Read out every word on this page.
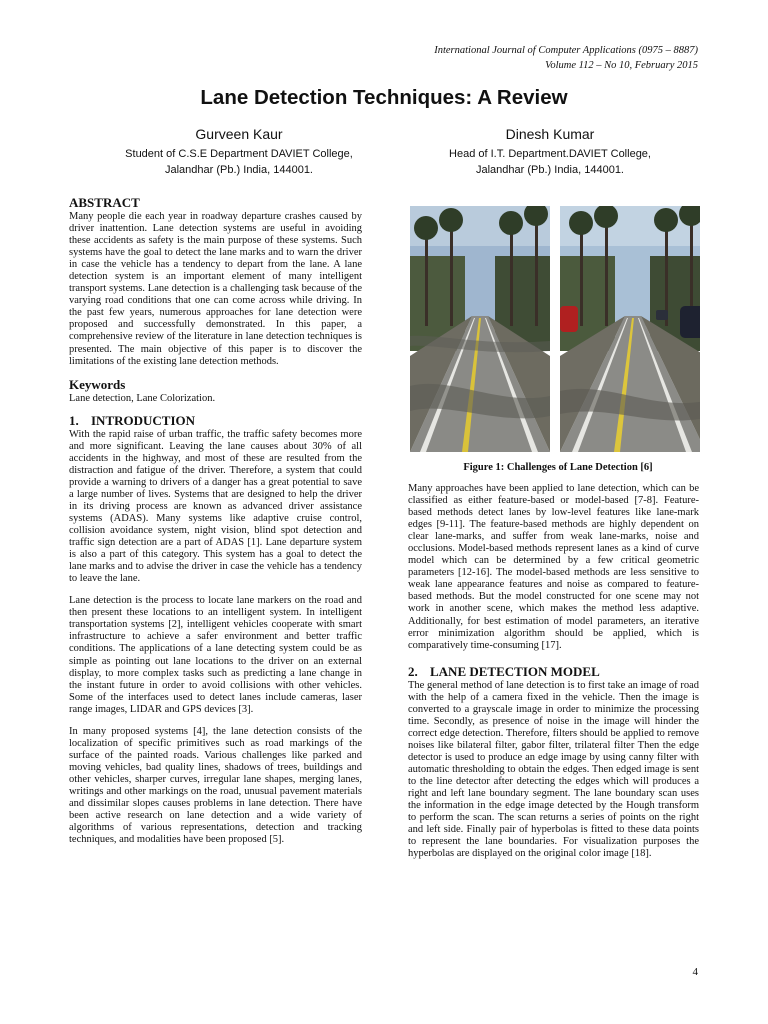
International Journal of Computer Applications (0975 – 8887)
Volume 112 – No 10, February 2015
Lane Detection Techniques: A Review
Gurveen Kaur
Student of C.S.E Department DAVIET College,
Jalandhar (Pb.) India, 144001.
Dinesh Kumar
Head of I.T. Department.DAVIET College,
Jalandhar (Pb.) India, 144001.
ABSTRACT

Many people die each year in roadway departure crashes caused by driver inattention. Lane detection systems are useful in avoiding these accidents as safety is the main purpose of these systems. Such systems have the goal to detect the lane marks and to warn the driver in case the vehicle has a tendency to depart from the lane. A lane detection system is an important element of many intelligent transport systems. Lane detection is a challenging task because of the varying road conditions that one can come across while driving. In the past few years, numerous approaches for lane detection were proposed and successfully demonstrated. In this paper, a comprehensive review of the literature in lane detection techniques is presented. The main objective of this paper is to discover the limitations of the existing lane detection methods.

Keywords

Lane detection, Lane Colorization.

1. INTRODUCTION

With the rapid raise of urban traffic, the traffic safety becomes more and more significant. Leaving the lane causes about 30% of all accidents in the highway, and most of these are resulted from the distraction and fatigue of the driver. Therefore, a system that could provide a warning to drivers of a danger has a great potential to save a large number of lives. Systems that are designed to help the driver in its driving process are known as advanced driver assistance systems (ADAS). Many systems like adaptive cruise control, collision avoidance system, night vision, blind spot detection and traffic sign detection are a part of ADAS [1]. Lane departure system is also a part of this category. This system has a goal to detect the lane marks and to advise the driver in case the vehicle has a tendency to leave the lane.

Lane detection is the process to locate lane markers on the road and then present these locations to an intelligent system. In intelligent transportation systems [2], intelligent vehicles cooperate with smart infrastructure to achieve a safer environment and better traffic conditions. The applications of a lane detecting system could be as simple as pointing out lane locations to the driver on an external display, to more complex tasks such as predicting a lane change in the instant future in order to avoid collisions with other vehicles. Some of the interfaces used to detect lanes include cameras, laser range images, LIDAR and GPS devices [3].

In many proposed systems [4], the lane detection consists of the localization of specific primitives such as road markings of the surface of the painted roads. Various challenges like parked and moving vehicles, bad quality lines, shadows of trees, buildings and other vehicles, sharper curves, irregular lane shapes, merging lanes, writings and other markings on the road, unusual pavement materials and dissimilar slopes causes problems in lane detection. There have been active research on lane detection and a wide variety of algorithms of various representations, detection and tracking techniques, and modalities have been proposed [5].

Figure 1: Challenges of Lane Detection [6]

Many approaches have been applied to lane detection, which can be classified as either feature-based or model-based [7-8]. Feature-based methods detect lanes by low-level features like lane-mark edges [9-11]. The feature-based methods are highly dependent on clear lane-marks, and suffer from weak lane-marks, noise and occlusions. Model-based methods represent lanes as a kind of curve model which can be determined by a few critical geometric parameters [12-16]. The model-based methods are less sensitive to weak lane appearance features and noise as compared to feature-based methods. But the model constructed for one scene may not work in another scene, which makes the method less adaptive. Additionally, for best estimation of model parameters, an iterative error minimization algorithm should be applied, which is comparatively time-consuming [17].

2. LANE DETECTION MODEL

The general method of lane detection is to first take an image of road with the help of a camera fixed in the vehicle. Then the image is converted to a grayscale image in order to minimize the processing time. Secondly, as presence of noise in the image will hinder the correct edge detection. Therefore, filters should be applied to remove noises like bilateral filter, gabor filter, trilateral filter Then the edge detector is used to produce an edge image by using canny filter with automatic thresholding to obtain the edges. Then edged image is sent to the line detector after detecting the edges which will produces a right and left lane boundary segment. The lane boundary scan uses the information in the edge image detected by the Hough transform to perform the scan. The scan returns a series of points on the right and left side. Finally pair of hyperbolas is fitted to these data points to represent the lane boundaries. For visualization purposes the hyperbolas are displayed on the original color image [18].

4
